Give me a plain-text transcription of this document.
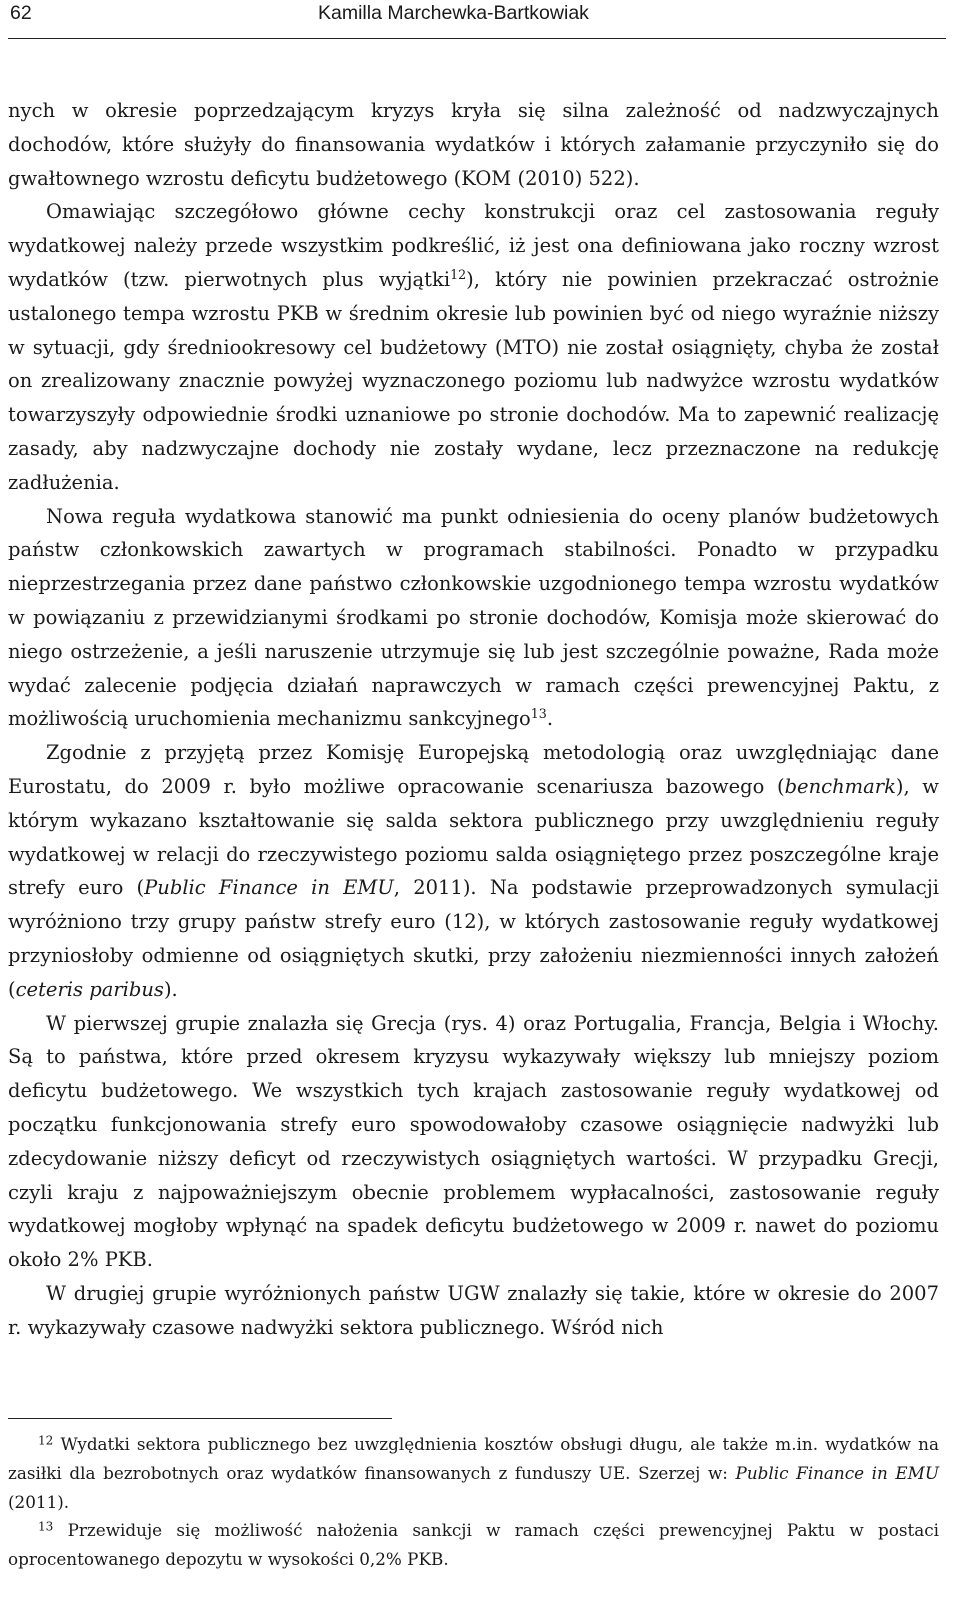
62	Kamilla Marchewka-Bartkowiak

nych w okresie poprzedzającym kryzys kryła się silna zależność od nadzwyczajnych dochodów, które służyły do finansowania wydatków i których załamanie przyczyniło się do gwałtownego wzrostu deficytu budżetowego (KOM (2010) 522).

Omawiając szczegółowo główne cechy konstrukcji oraz cel zastosowania reguły wydatkowej należy przede wszystkim podkreślić, iż jest ona definiowana jako roczny wzrost wydatków (tzw. pierwotnych plus wyjątki$^{12}$), który nie powinien przekraczać ostrożnie ustalonego tempa wzrostu PKB w średnim okresie lub powinien być od niego wyraźnie niższy w sytuacji, gdy średniookresowy cel budżetowy (MTO) nie został osiągnięty, chyba że został on zrealizowany znacznie powyżej wyznaczonego poziomu lub nadwyżce wzrostu wydatków towarzyszyły odpowiednie środki uznaniowe po stronie dochodów. Ma to zapewnić realizację zasady, aby nadzwyczajne dochody nie zostały wydane, lecz przeznaczone na redukcję zadłużenia.

Nowa reguła wydatkowa stanowić ma punkt odniesienia do oceny planów budżetowych państw członkowskich zawartych w programach stabilności. Ponadto w przypadku nieprzestrzegania przez dane państwo członkowskie uzgodnionego tempa wzrostu wydatków w powiązaniu z przewidzianymi środkami po stronie dochodów, Komisja może skierować do niego ostrzeżenie, a jeśli naruszenie utrzymuje się lub jest szczególnie poważne, Rada może wydać zalecenie podjęcia działań naprawczych w ramach części prewencyjnej Paktu, z możliwością uruchomienia mechanizmu sankcyjnego$^{13}$.

Zgodnie z przyjętą przez Komisję Europejską metodologią oraz uwzględniając dane Eurostatu, do 2009 r. było możliwe opracowanie scenariusza bazowego (benchmark), w którym wykazano kształtowanie się salda sektora publicznego przy uwzględnieniu reguły wydatkowej w relacji do rzeczywistego poziomu salda osiągniętego przez poszczególne kraje strefy euro (Public Finance in EMU, 2011). Na podstawie przeprowadzonych symulacji wyróżniono trzy grupy państw strefy euro (12), w których zastosowanie reguły wydatkowej przyniosłoby odmienne od osiągniętych skutki, przy założeniu niezmienności innych założeń (ceteris paribus).

W pierwszej grupie znalazła się Grecja (rys. 4) oraz Portugalia, Francja, Belgia i Włochy. Są to państwa, które przed okresem kryzysu wykazywały większy lub mniejszy poziom deficytu budżetowego. We wszystkich tych krajach zastosowanie reguły wydatkowej od początku funkcjonowania strefy euro spowodowałoby czasowe osiągnięcie nadwyżki lub zdecydowanie niższy deficyt od rzeczywistych osiągniętych wartości. W przypadku Grecji, czyli kraju z najpoważniejszym obecnie problemem wypłacalności, zastosowanie reguły wydatkowej mogłoby wpłynąć na spadek deficytu budżetowego w 2009 r. nawet do poziomu około 2% PKB.

W drugiej grupie wyróżnionych państw UGW znalazły się takie, które w okresie do 2007 r. wykazywały czasowe nadwyżki sektora publicznego. Wśród nich

$^{12}$ Wydatki sektora publicznego bez uwzględnienia kosztów obsługi długu, ale także m.in. wydatków na zasiłki dla bezrobotnych oraz wydatków finansowanych z funduszy UE. Szerzej w: Public Finance in EMU (2011).

$^{13}$ Przewiduje się możliwość nałożenia sankcji w ramach części prewencyjnej Paktu w postaci oprocentowanego depozytu w wysokości 0,2% PKB.
